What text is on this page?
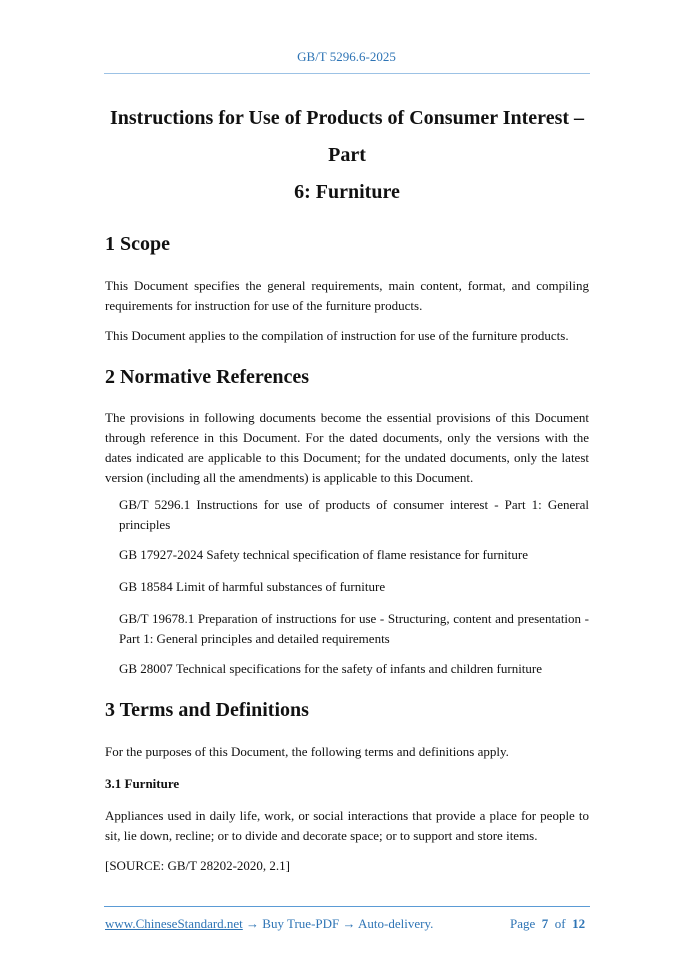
GB/T 5296.6-2025
Instructions for Use of Products of Consumer Interest – Part
6: Furniture
1 Scope

This Document specifies the general requirements, main content, format, and compiling requirements for instruction for use of the furniture products.

This Document applies to the compilation of instruction for use of the furniture products.

2 Normative References

The provisions in following documents become the essential provisions of this Document through reference in this Document. For the dated documents, only the versions with the dates indicated are applicable to this Document; for the undated documents, only the latest version (including all the amendments) is applicable to this Document.

GB/T 5296.1 Instructions for use of products of consumer interest - Part 1: General principles

GB 17927-2024 Safety technical specification of flame resistance for furniture

GB 18584 Limit of harmful substances of furniture

GB/T 19678.1 Preparation of instructions for use - Structuring, content and presentation - Part 1: General principles and detailed requirements

GB 28007 Technical specifications for the safety of infants and children furniture

3 Terms and Definitions

For the purposes of this Document, the following terms and definitions apply.

3.1 Furniture

Appliances used in daily life, work, or social interactions that provide a place for people to sit, lie down, recline; or to divide and decorate space; or to support and store items.

[SOURCE: GB/T 28202-2020, 2.1]

www.ChineseStandard.net → Buy True-PDF → Auto-delivery.	Page 7 of 12
